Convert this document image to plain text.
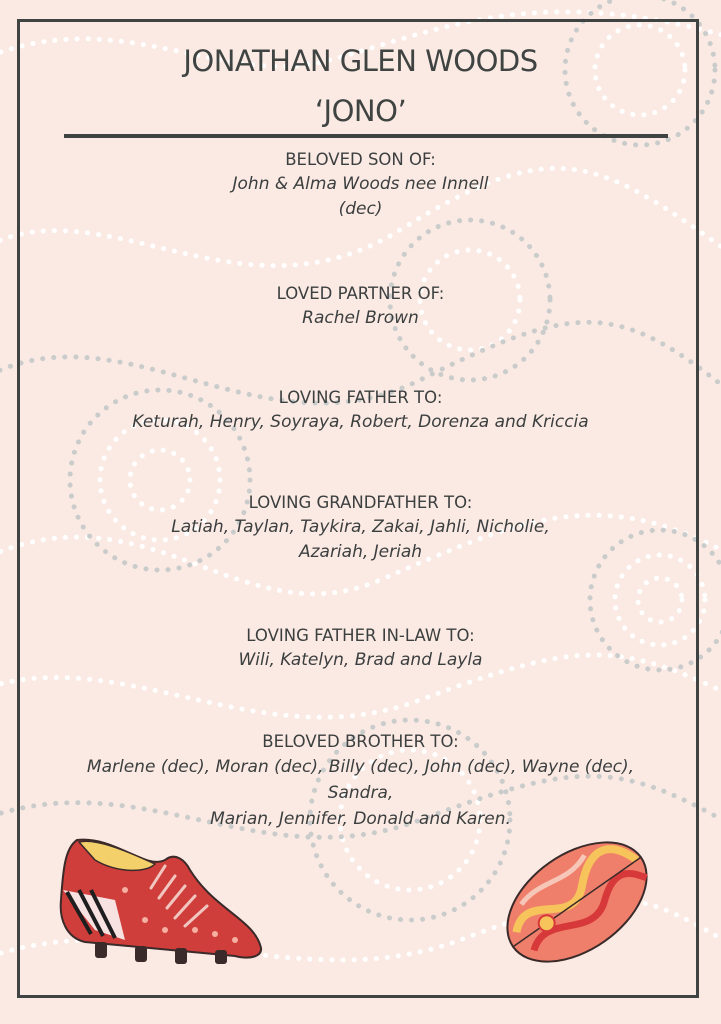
JONATHAN GLEN WOODS
‘JONO’
BELOVED SON OF:
John & Alma Woods nee Innell
(dec)
LOVED PARTNER OF:
Rachel Brown
LOVING FATHER TO:
Keturah, Henry, Soyraya, Robert, Dorenza and Kriccia
LOVING GRANDFATHER TO:
Latiah, Taylan, Taykira, Zakai, Jahli, Nicholie,
Azariah, Jeriah
LOVING FATHER IN-LAW TO:
Wili, Katelyn, Brad and Layla
BELOVED BROTHER TO:
Marlene (dec), Moran (dec), Billy (dec), John (dec), Wayne (dec),
Sandra,
Marian, Jennifer, Donald and Karen.
